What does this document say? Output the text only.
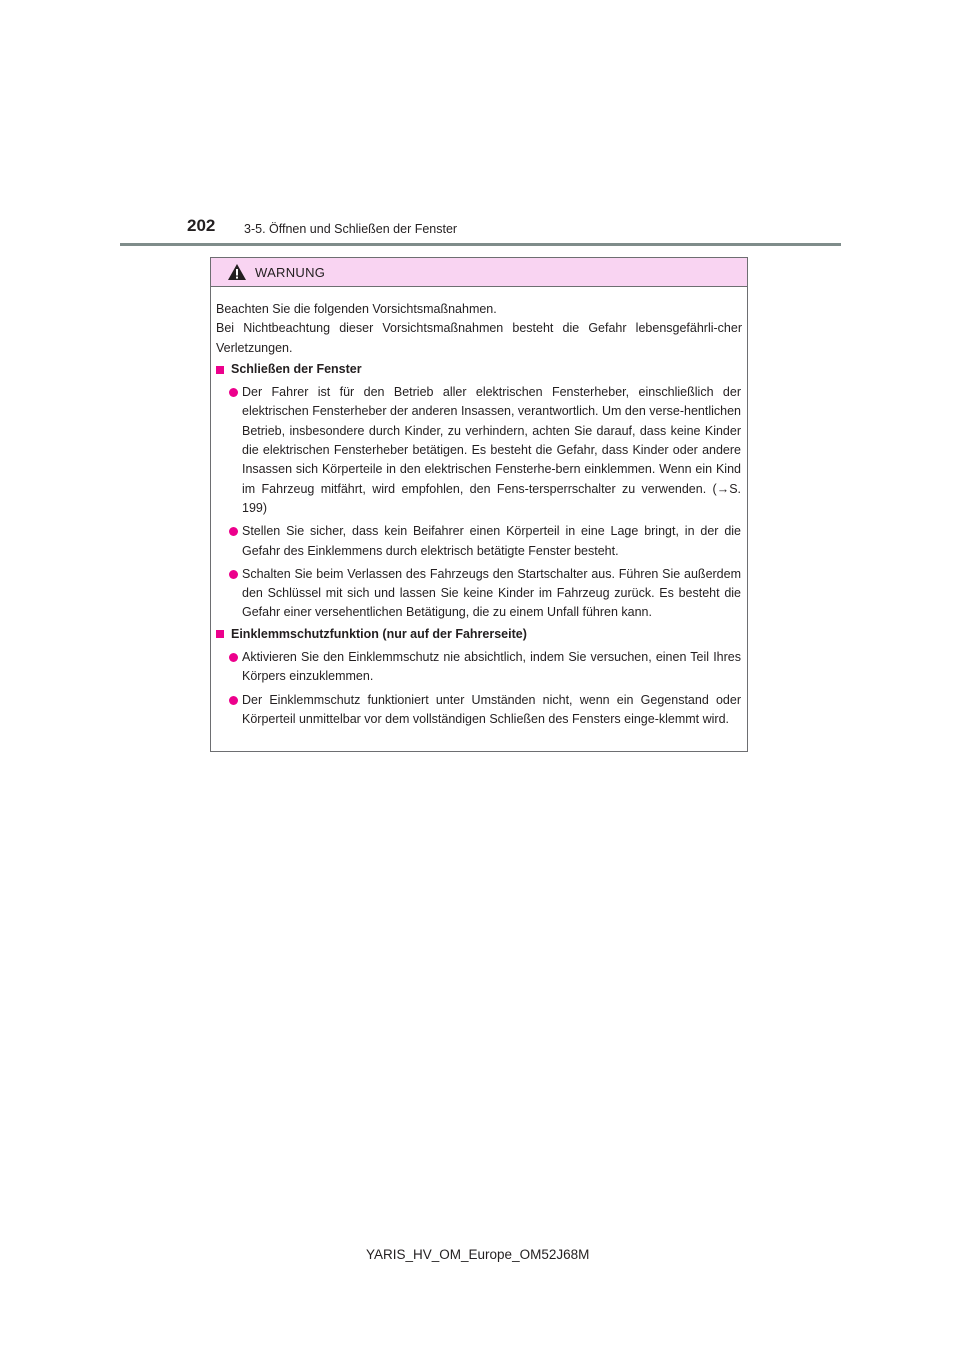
202 3-5. Öffnen und Schließen der Fenster
WARNUNG
Beachten Sie die folgenden Vorsichtsmaßnahmen.
Bei Nichtbeachtung dieser Vorsichtsmaßnahmen besteht die Gefahr lebensgefährli-cher Verletzungen.
Schließen der Fenster
Der Fahrer ist für den Betrieb aller elektrischen Fensterheber, einschließlich der elektrischen Fensterheber der anderen Insassen, verantwortlich. Um den verse-hentlichen Betrieb, insbesondere durch Kinder, zu verhindern, achten Sie darauf, dass keine Kinder die elektrischen Fensterheber betätigen. Es besteht die Gefahr, dass Kinder oder andere Insassen sich Körperteile in den elektrischen Fensterhe-bern einklemmen. Wenn ein Kind im Fahrzeug mitfährt, wird empfohlen, den Fens-tersperrschalter zu verwenden. (→S. 199)
Stellen Sie sicher, dass kein Beifahrer einen Körperteil in eine Lage bringt, in der die Gefahr des Einklemmens durch elektrisch betätigte Fenster besteht.
Schalten Sie beim Verlassen des Fahrzeugs den Startschalter aus. Führen Sie außerdem den Schlüssel mit sich und lassen Sie keine Kinder im Fahrzeug zurück. Es besteht die Gefahr einer versehentlichen Betätigung, die zu einem Unfall führen kann.
Einklemmschutzfunktion (nur auf der Fahrerseite)
Aktivieren Sie den Einklemmschutz nie absichtlich, indem Sie versuchen, einen Teil Ihres Körpers einzuklemmen.
Der Einklemmschutz funktioniert unter Umständen nicht, wenn ein Gegenstand oder Körperteil unmittelbar vor dem vollständigen Schließen des Fensters einge-klemmt wird.
YARIS_HV_OM_Europe_OM52J68M
